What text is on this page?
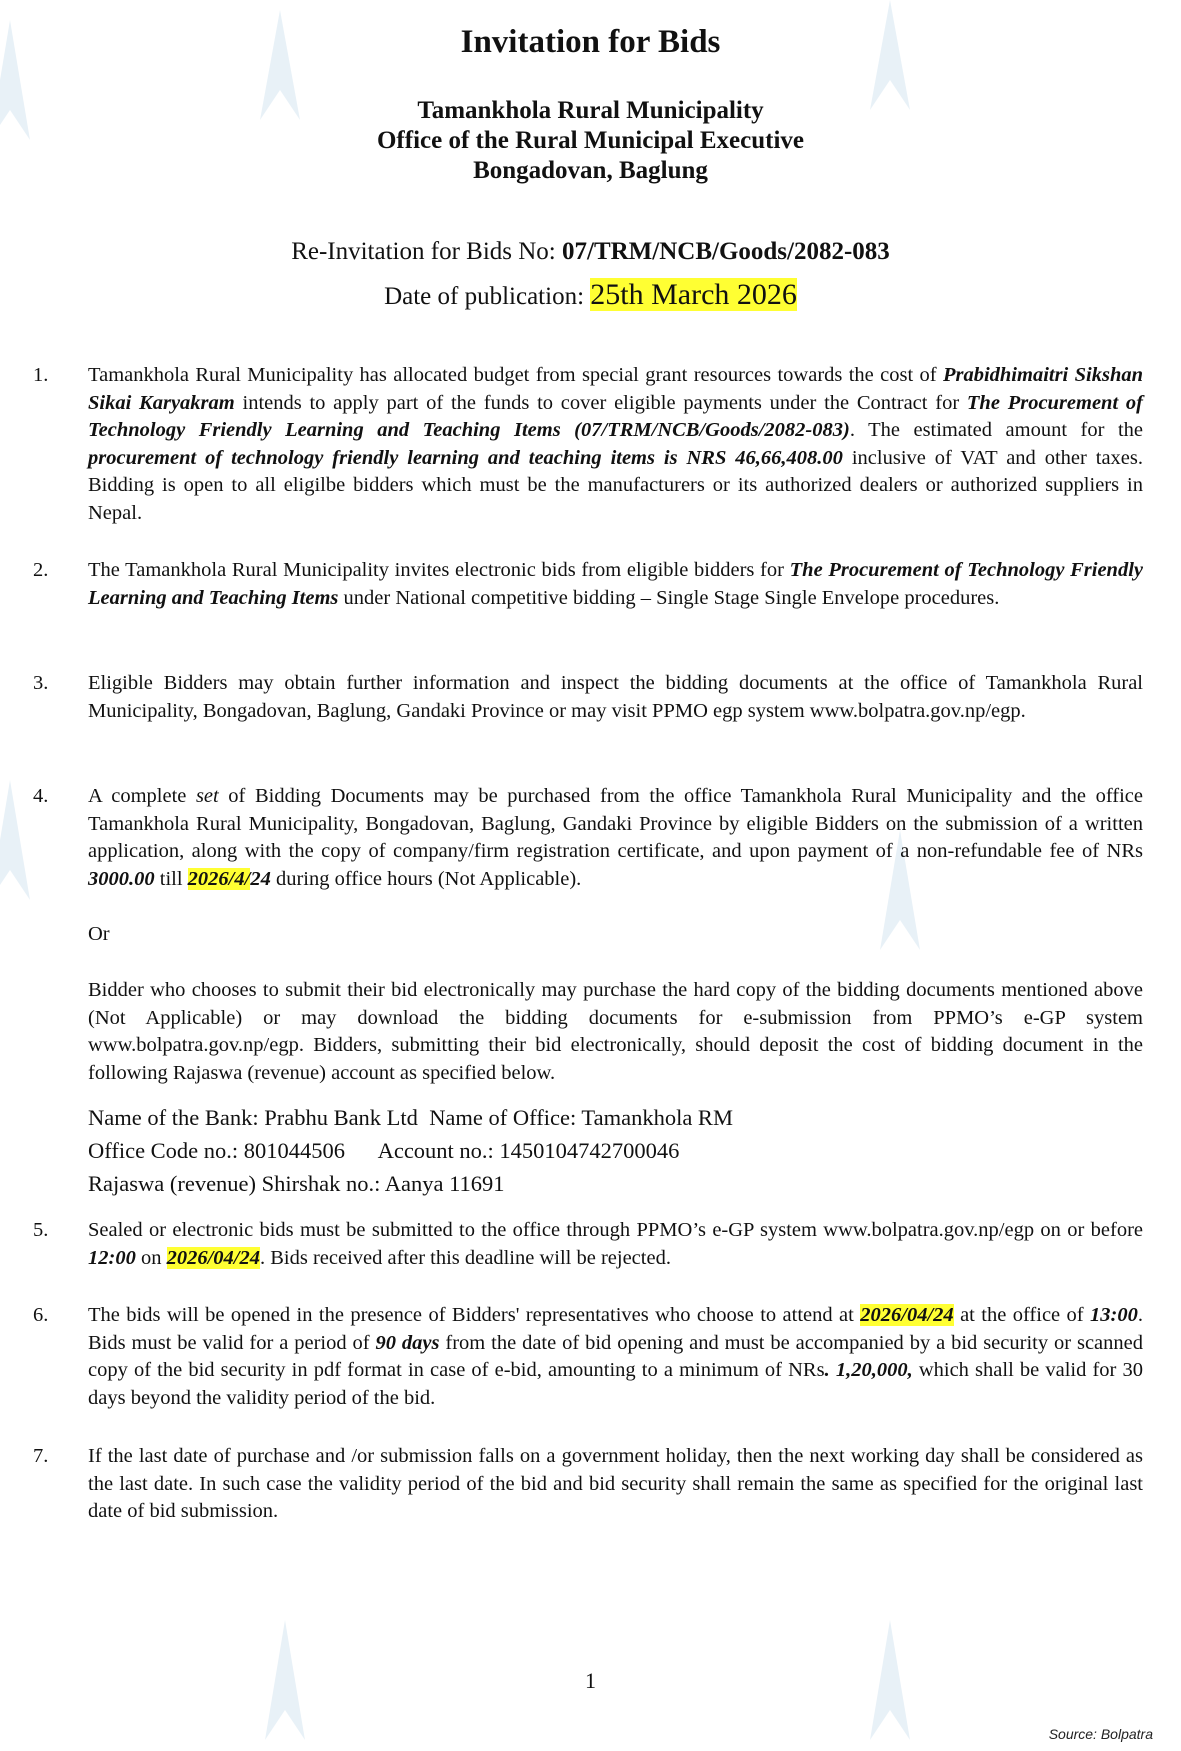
Invitation for Bids
Tamankhola Rural Municipality
Office of the Rural Municipal Executive
Bongadovan, Baglung
Re-Invitation for Bids No: 07/TRM/NCB/Goods/2082-083
Date of publication: 25th March 2026
1.	Tamankhola Rural Municipality has allocated budget from special grant resources towards the cost of Prabidhimaitri Sikshan Sikai Karyakram intends to apply part of the funds to cover eligible payments under the Contract for The Procurement of Technology Friendly Learning and Teaching Items (07/TRM/NCB/Goods/2082-083). The estimated amount for the procurement of technology friendly learning and teaching items is NRS 46,66,408.00 inclusive of VAT and other taxes. Bidding is open to all eligilbe bidders which must be the manufacturers or its authorized dealers or authorized suppliers in Nepal.
2.	The Tamankhola Rural Municipality invites electronic bids from eligible bidders for The Procurement of Technology Friendly Learning and Teaching Items under National competitive bidding – Single Stage Single Envelope procedures.
3.	Eligible Bidders may obtain further information and inspect the bidding documents at the office of Tamankhola Rural Municipality, Bongadovan, Baglung, Gandaki Province or may visit PPMO egp system www.bolpatra.gov.np/egp.
4.	A complete set of Bidding Documents may be purchased from the office Tamankhola Rural Municipality and the office Tamankhola Rural Municipality, Bongadovan, Baglung, Gandaki Province by eligible Bidders on the submission of a written application, along with the copy of company/firm registration certificate, and upon payment of a non-refundable fee of NRs 3000.00 till 2026/4/24 during office hours (Not Applicable).
Or
Bidder who chooses to submit their bid electronically may purchase the hard copy of the bidding documents mentioned above (Not Applicable) or may download the bidding documents for e-submission from PPMO’s e-GP system www.bolpatra.gov.np/egp. Bidders, submitting their bid electronically, should deposit the cost of bidding document in the following Rajaswa (revenue) account as specified below.
Name of the Bank: Prabhu Bank Ltd Name of Office: Tamankhola RM
Office Code no.: 801044506 Account no.: 1450104742700046
Rajaswa (revenue) Shirshak no.: Aanya 11691
5.	Sealed or electronic bids must be submitted to the office through PPMO’s e-GP system www.bolpatra.gov.np/egp on or before 12:00 on 2026/04/24. Bids received after this deadline will be rejected.
6.	The bids will be opened in the presence of Bidders' representatives who choose to attend at 2026/04/24 at the office of 13:00. Bids must be valid for a period of 90 days from the date of bid opening and must be accompanied by a bid security or scanned copy of the bid security in pdf format in case of e-bid, amounting to a minimum of NRs. 1,20,000, which shall be valid for 30 days beyond the validity period of the bid.
7.	If the last date of purchase and /or submission falls on a government holiday, then the next working day shall be considered as the last date. In such case the validity period of the bid and bid security shall remain the same as specified for the original last date of bid submission.
1
Source: Bolpatra
